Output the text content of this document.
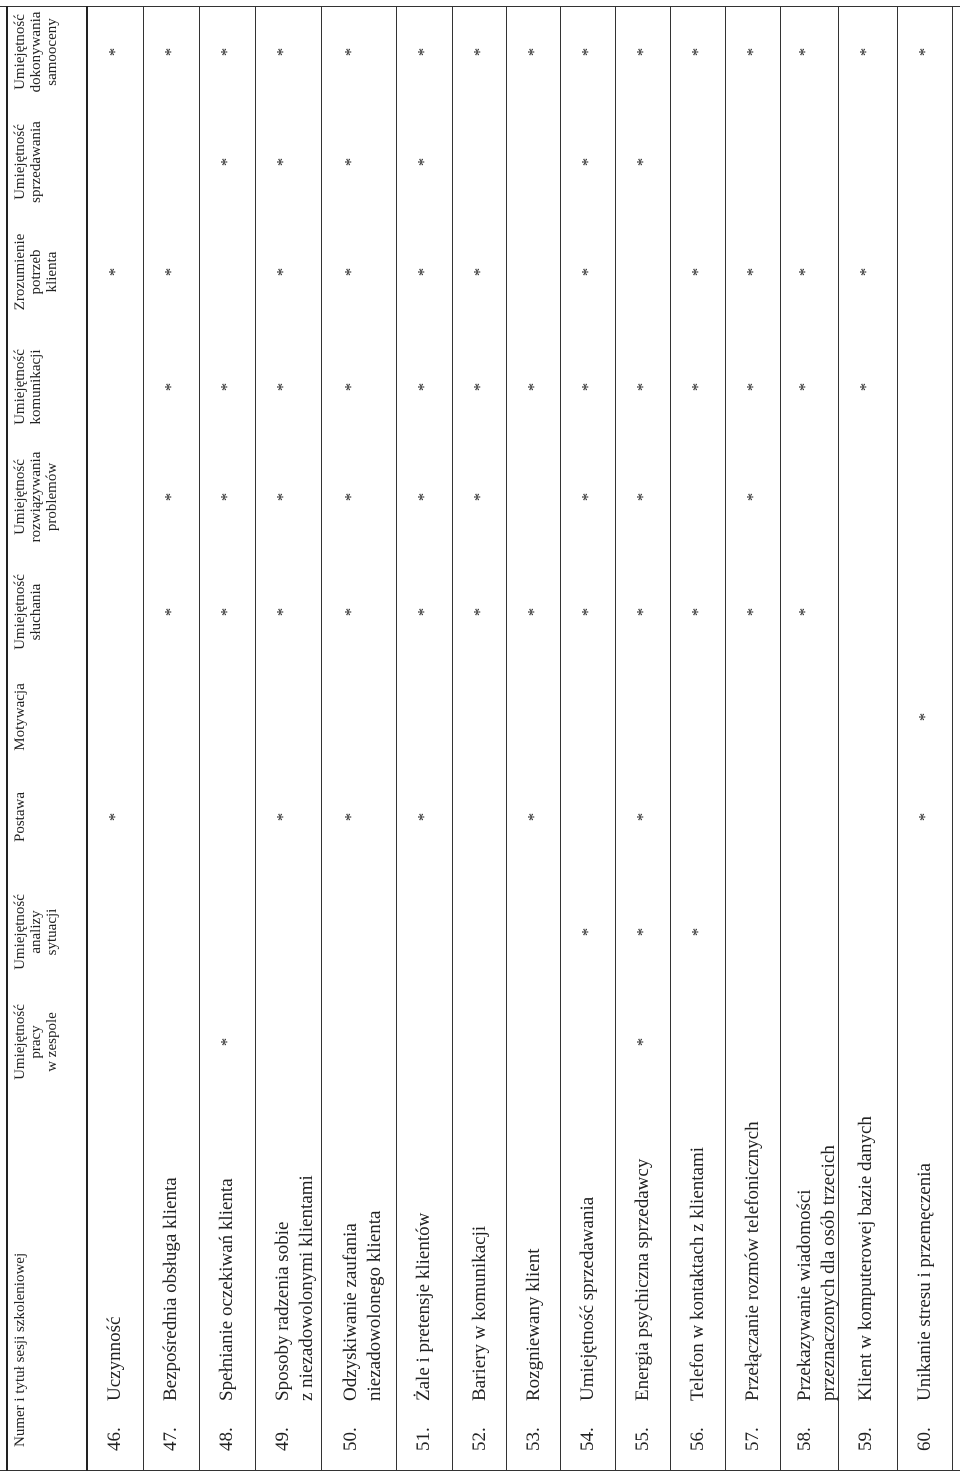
Numer i tytuł sesji szkoleniowej
Umiejętność pracy w zespole
Umiejętność analizy sytuacji
Postawa
Motywacja
Umiejętność słuchania
Umiejętność rozwiązywania problemów
Umiejętność komunikacji
Zrozumienie potrzeb klienta
Umiejętność sprzedawania
Umiejętność dokonywania samooceny
46.
Uczynność
*
*
*
47.
Bezpośrednia obsługa klienta
*
*
*
*
*
48.
Spełnianie oczekiwań klienta
*
*
*
*
*
*
49.
Sposoby radzenia sobie z niezadowolonymi klientami
*
*
*
*
*
*
*
50.
Odzyskiwanie zaufania niezadowolonego klienta
*
*
*
*
*
*
*
51.
Żale i pretensje klientów
*
*
*
*
*
*
*
52.
Bariery w komunikacji
*
*
*
*
*
53.
Rozgniewany klient
*
*
*
*
54.
Umiejętność sprzedawania
*
*
*
*
*
*
*
55.
Energia psychiczna sprzedawcy
*
*
*
*
*
*
*
*
56.
Telefon w kontaktach z klientami
*
*
*
*
*
57.
Przełączanie rozmów telefonicznych
*
*
*
*
*
58.
Przekazywanie wiadomości przeznaczonych dla osób trzecich
*
*
*
*
59.
Klient w komputerowej bazie danych
*
*
*
60.
Unikanie stresu i przemęczenia
*
*
*
